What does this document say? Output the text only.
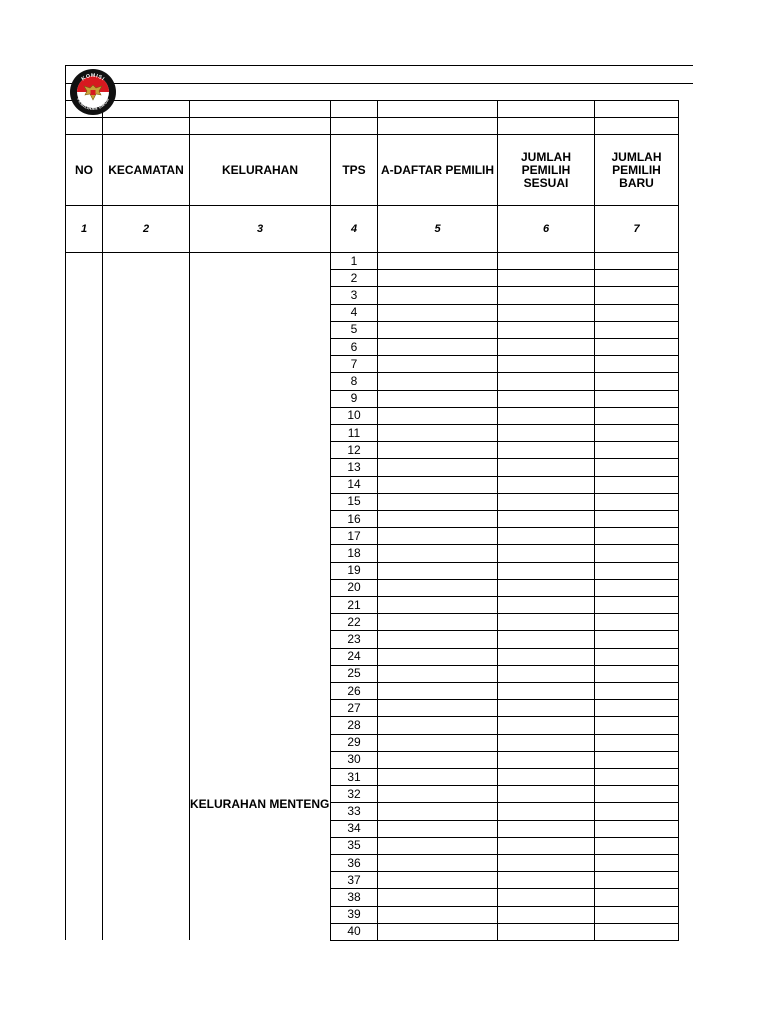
NO
1
KECAMATAN
2
KELURAHAN
3
TPS
4
A-DAFTAR PEMILIH
5
JUMLAH PEMILIH SESUAI
6
JUMLAH PEMILIH BARU
7
1
2
3
4
5
6
7
8
9
10
11
12
13
14
15
16
17
18
19
20
21
22
23
24
25
26
27
28
29
30
31
32
33
34
35
36
37
38
39
40
KELURAHAN MENTENG
KOMISI
PEMILIHAN UMUM
